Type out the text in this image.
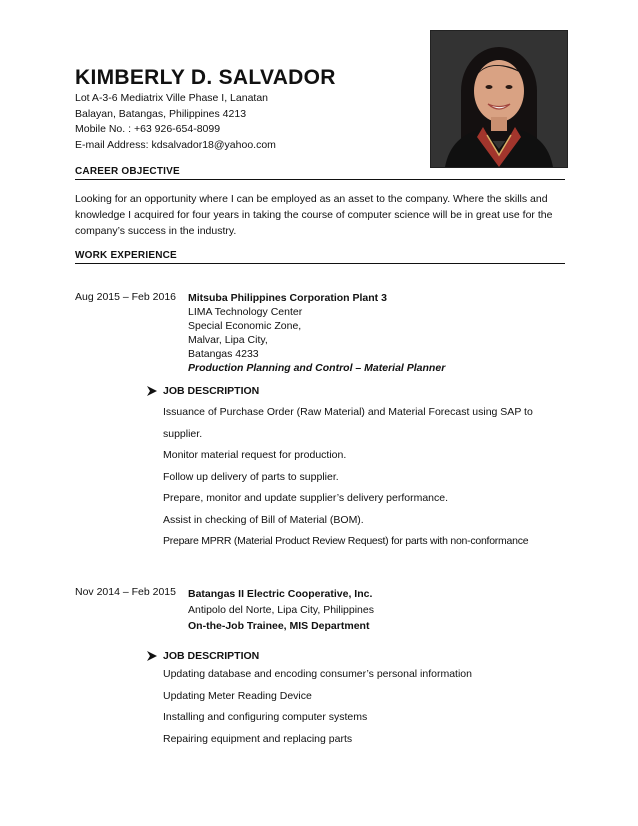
KIMBERLY D. SALVADOR
Lot A-3-6 Mediatrix Ville Phase I, Lanatan
Balayan, Batangas, Philippines 4213
Mobile No. : +63 926-654-8099
E-mail Address: kdsalvador18@yahoo.com
CAREER OBJECTIVE

Looking for an opportunity where I can be employed as an asset to the company. Where the skills and knowledge I acquired for four years in taking the course of computer science will be in great use for the company’s success in the industry.

WORK EXPERIENCE
Aug 2015 – Feb 2016 Mitsuba Philippines Corporation Plant 3
LIMA Technology Center
Special Economic Zone,
Malvar, Lipa City,
Batangas 4233
Production Planning and Control – Material Planner
JOB DESCRIPTION
Issuance of Purchase Order (Raw Material) and Material Forecast using SAP to
supplier.
Monitor material request for production.
Follow up delivery of parts to supplier.
Prepare, monitor and update supplier’s delivery performance.
Assist in checking of Bill of Material (BOM).
Prepare MPRR (Material Product Review Request) for parts with non-conformance
Nov 2014 – Feb 2015 Batangas II Electric Cooperative, Inc.
Antipolo del Norte, Lipa City, Philippines
On-the-Job Trainee, MIS Department
JOB DESCRIPTION
Updating database and encoding consumer’s personal information
Updating Meter Reading Device
Installing and configuring computer systems
Repairing equipment and replacing parts
